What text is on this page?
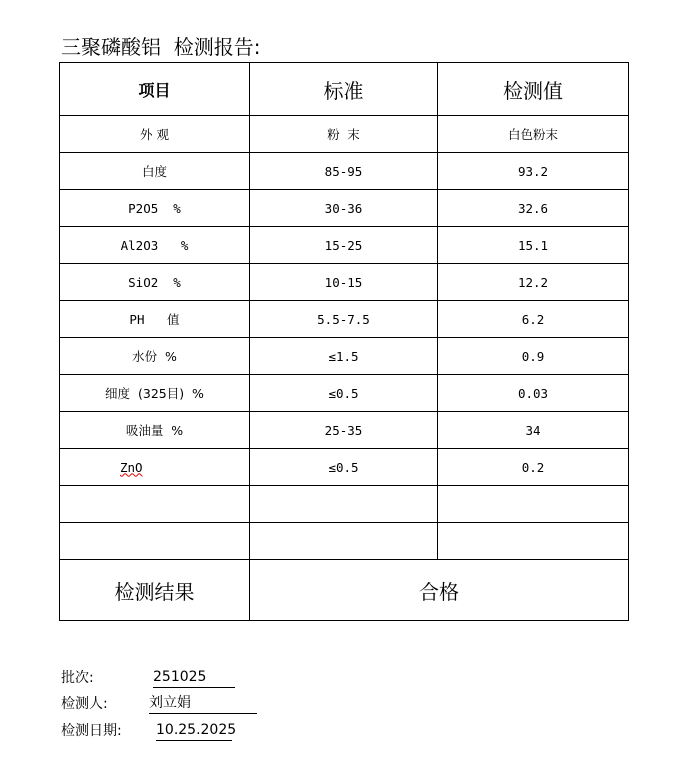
三聚磷酸铝  检测报告:
项目	标准	检测值
外 观	粉 末	白色粉末
白度	85-95	93.2
P2O5  %	30-36	32.6
Al2O3   %	15-25	15.1
SiO2  %	10-15	12.2
PH   值	5.5-7.5	6.2
水份  %	≤1.5	0.9
细度  (325目)  %	≤0.5	0.03
吸油量  %	25-35	34
ZnO	≤0.5	0.2

检测结果	合格	
批次:	251025
检测人:	刘立娟
检测日期: 10.25.2025
